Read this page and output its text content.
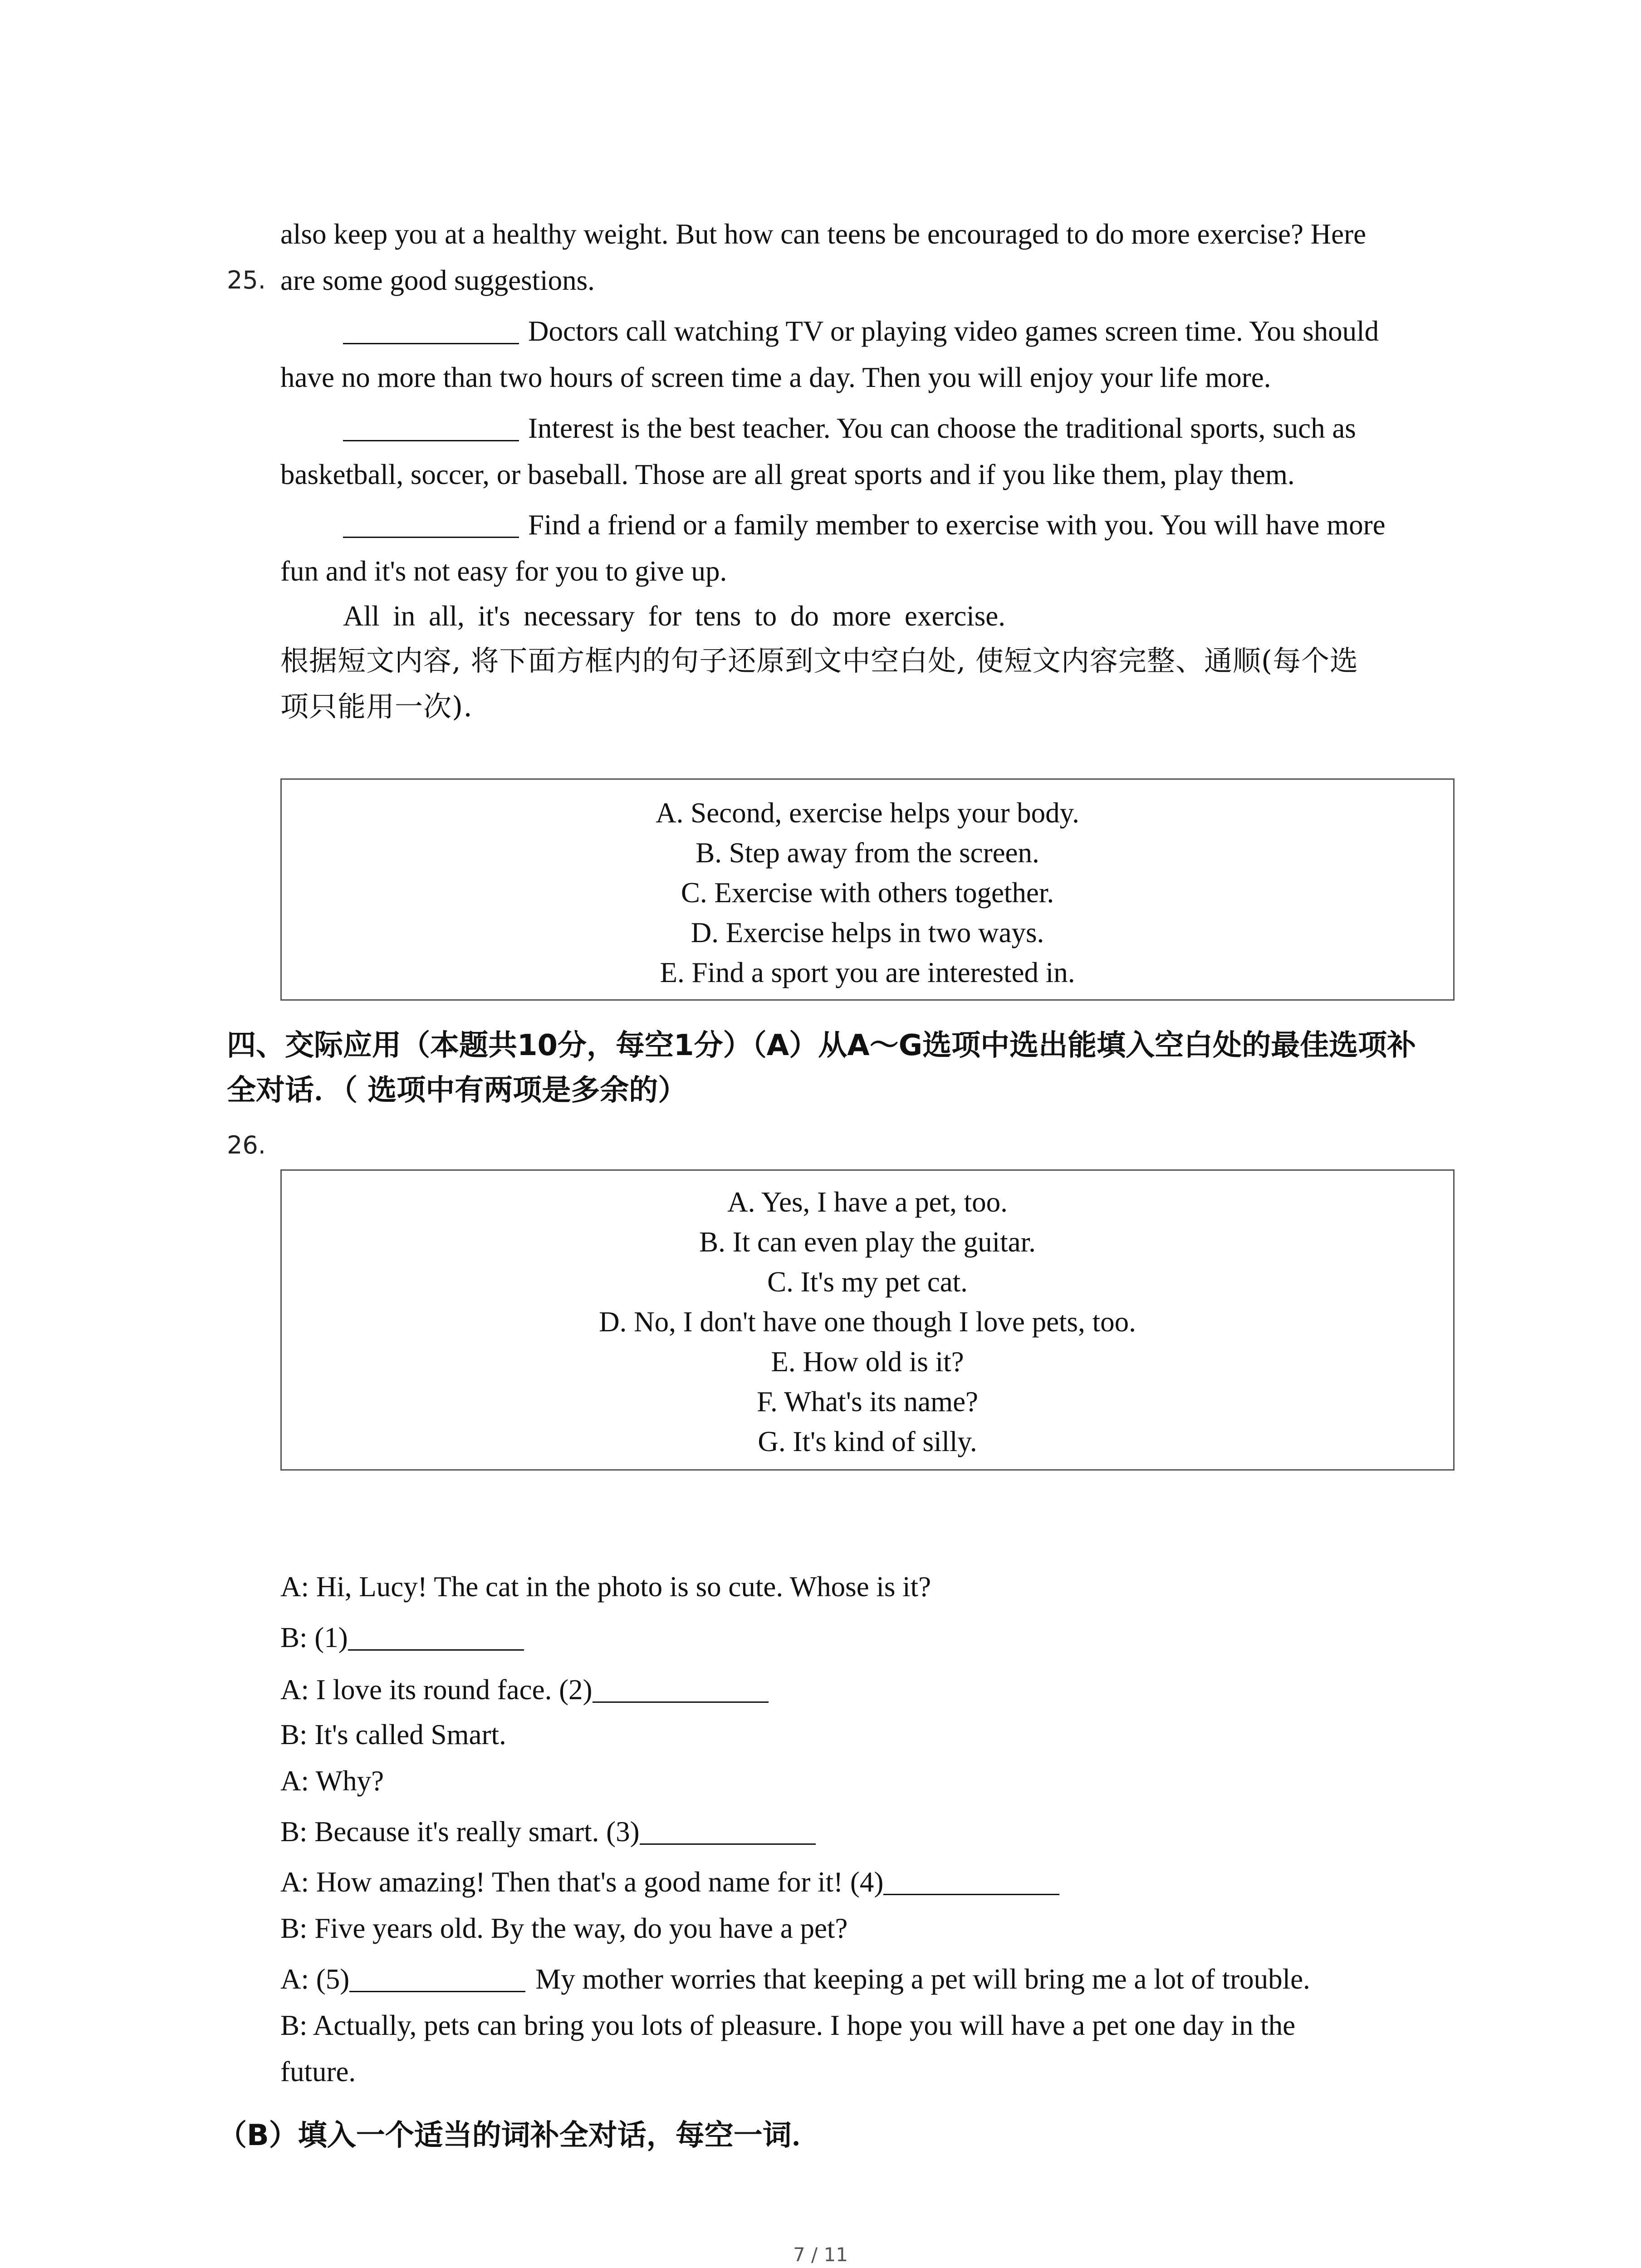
also keep you at a healthy weight. But how can teens be encouraged to do more exercise? Here
25. are some good suggestions.
Doctors call watching TV or playing video games screen time. You should
have no more than two hours of screen time a day. Then you will enjoy your life more.
Interest is the best teacher. You can choose the traditional sports, such as
basketball, soccer, or baseball. Those are all great sports and if you like them, play them.
Find a friend or a family member to exercise with you. You will have more
fun and it's not easy for you to give up.
All in all, it's necessary for tens to do more exercise.
根据短文内容, 将下面方框内的句子还原到文中空白处, 使短文内容完整、通顺(每个选
项只能用一次).
A. Second, exercise helps your body.
B. Step away from the screen.
C. Exercise with others together.
D. Exercise helps in two ways.
E. Find a sport you are interested in.
四、交际应用（本题共10分，每空1分）（A）从A～G选项中选出能填入空白处的最佳选项补
全对话．（ 选项中有两项是多余的）
26.
A. Yes, I have a pet, too.
B. It can even play the guitar.
C. It's my pet cat.
D. No, I don't have one though I love pets, too.
E. How old is it?
F. What's its name?
G. It's kind of silly.
A: Hi, Lucy! The cat in the photo is so cute. Whose is it?
B: (1)
A: I love its round face. (2)
B: It's called Smart.
A: Why?
B: Because it's really smart. (3)
A: How amazing! Then that's a good name for it! (4)
B: Five years old. By the way, do you have a pet?
A: (5)	My mother worries that keeping a pet will bring me a lot of trouble.
B: Actually, pets can bring you lots of pleasure. I hope you will have a pet one day in the
future.
（B）填入一个适当的词补全对话，每空一词．
7 / 11
